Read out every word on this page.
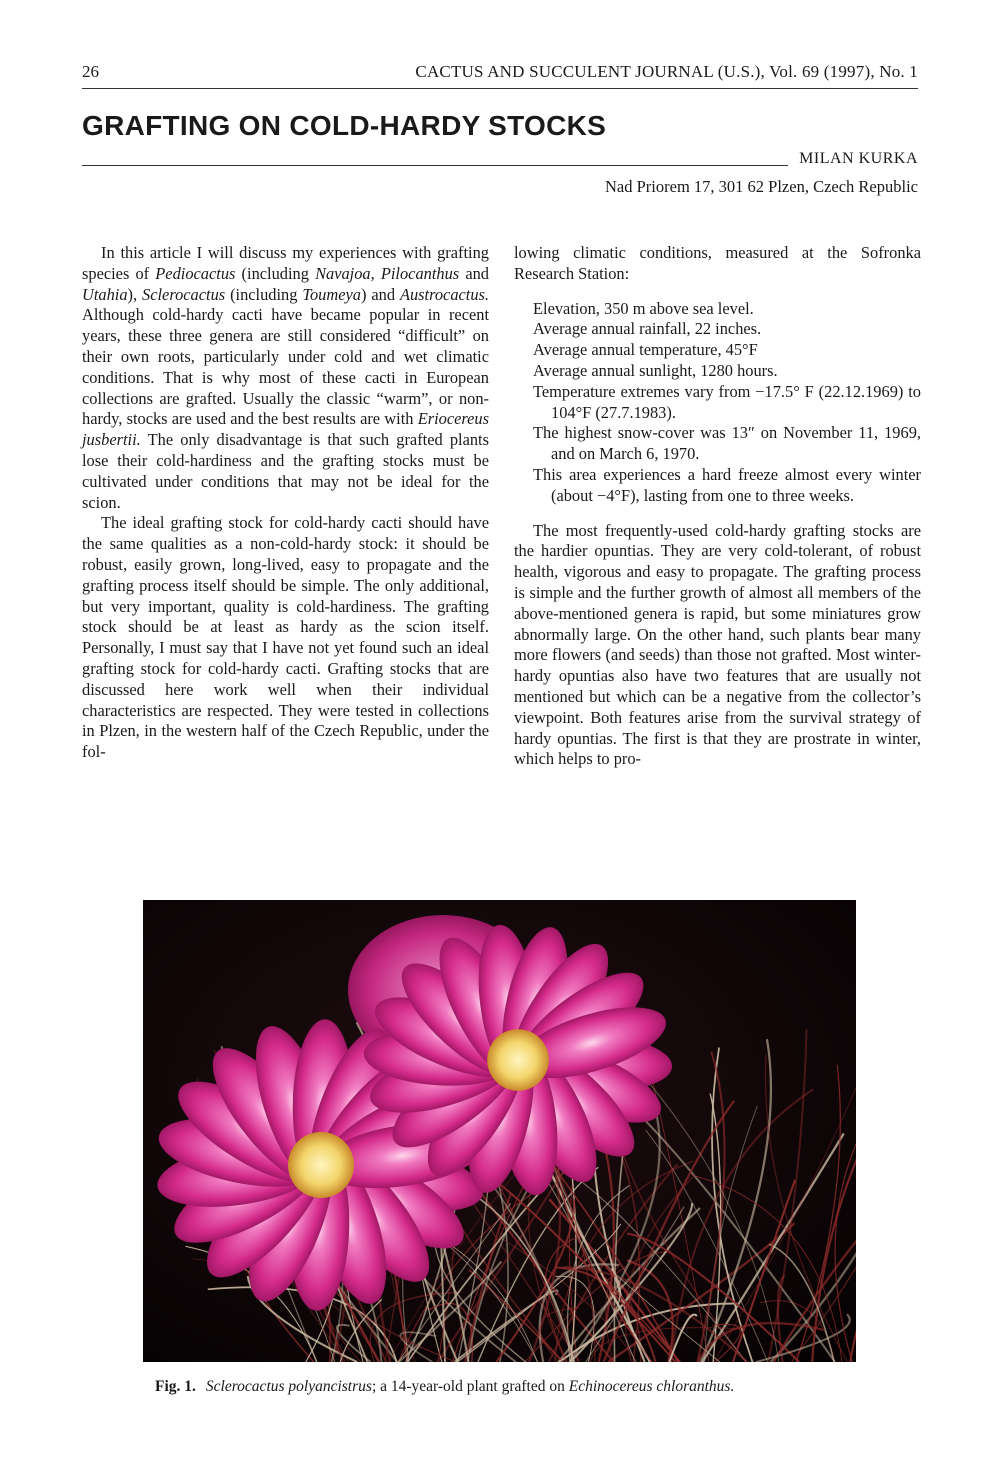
26	CACTUS AND SUCCULENT JOURNAL (U.S.), Vol. 69 (1997), No. 1
GRAFTING ON COLD-HARDY STOCKS
MILAN KURKA
Nad Priorem 17, 301 62 Plzen, Czech Republic

In this article I will discuss my experiences with grafting species of Pediocactus (including Navajoa, Pilocanthus and Utahia), Sclerocactus (including Toumeya) and Austrocactus. Although cold-hardy cacti have became popular in recent years, these three genera are still considered “difficult” on their own roots, particularly under cold and wet climatic conditions. That is why most of these cacti in European collections are grafted. Usually the classic “warm”, or non-hardy, stocks are used and the best results are with Eriocereus jusbertii. The only disadvantage is that such grafted plants lose their cold-hardiness and the grafting stocks must be cultivated under conditions that may not be ideal for the scion.

The ideal grafting stock for cold-hardy cacti should have the same qualities as a non-cold-hardy stock: it should be robust, easily grown, long-lived, easy to propagate and the grafting process itself should be simple. The only additional, but very important, quality is cold-hardiness. The grafting stock should be at least as hardy as the scion itself. Personally, I must say that I have not yet found such an ideal grafting stock for cold-hardy cacti. Grafting stocks that are discussed here work well when their individual characteristics are respected. They were tested in collections in Plzen, in the western half of the Czech Republic, under the fol-

lowing climatic conditions, measured at the Sofronka Research Station:

Elevation, 350 m above sea level.
Average annual rainfall, 22 inches.
Average annual temperature, 45°F
Average annual sunlight, 1280 hours.
Temperature extremes vary from −17.5° F (22.12.1969) to 104°F (27.7.1983).
The highest snow-cover was 13″ on November 11, 1969, and on March 6, 1970.
This area experiences a hard freeze almost every winter (about −4°F), lasting from one to three weeks.

The most frequently-used cold-hardy grafting stocks are the hardier opuntias. They are very cold-tolerant, of robust health, vigorous and easy to propagate. The grafting process is simple and the further growth of almost all members of the above-mentioned genera is rapid, but some miniatures grow abnormally large. On the other hand, such plants bear many more flowers (and seeds) than those not grafted. Most winter-hardy opuntias also have two features that are usually not mentioned but which can be a negative from the collector’s viewpoint. Both features arise from the survival strategy of hardy opuntias. The first is that they are prostrate in winter, which helps to pro-

Fig. 1. Sclerocactus polyancistrus; a 14-year-old plant grafted on Echinocereus chloranthus.
